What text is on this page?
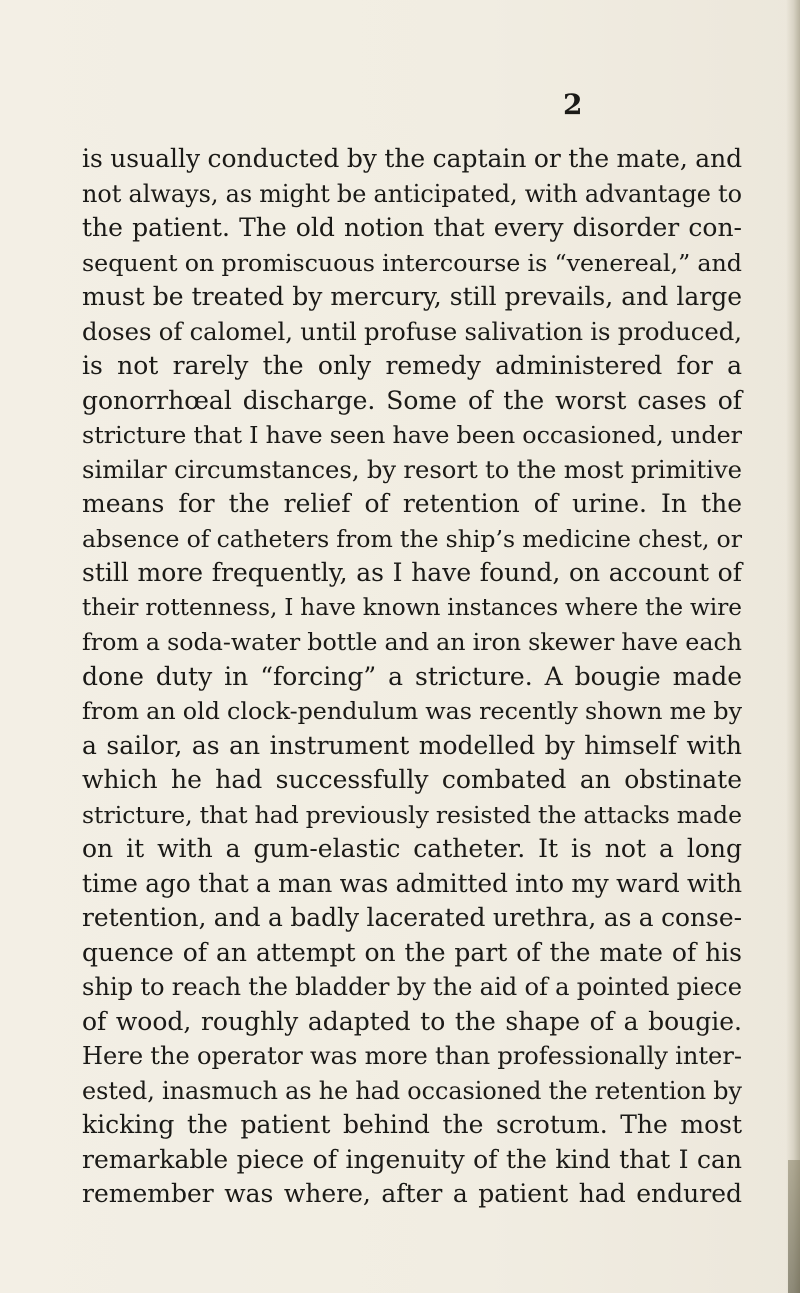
2
is usually conducted by the captain or the mate, and
not always, as might be anticipated, with advantage to
the patient. The old notion that every disorder con-
sequent on promiscuous intercourse is “venereal,” and
must be treated by mercury, still prevails, and large
doses of calomel, until profuse salivation is produced,
is not rarely the only remedy administered for a
gonorrhœal discharge. Some of the worst cases of
stricture that I have seen have been occasioned, under
similar circumstances, by resort to the most primitive
means for the relief of retention of urine. In the
absence of catheters from the ship’s medicine chest, or
still more frequently, as I have found, on account of
their rottenness, I have known instances where the wire
from a soda-water bottle and an iron skewer have each
done duty in “forcing” a stricture. A bougie made
from an old clock-pendulum was recently shown me by
a sailor, as an instrument modelled by himself with
which he had successfully combated an obstinate
stricture, that had previously resisted the attacks made
on it with a gum-elastic catheter. It is not a long
time ago that a man was admitted into my ward with
retention, and a badly lacerated urethra, as a conse-
quence of an attempt on the part of the mate of his
ship to reach the bladder by the aid of a pointed piece
of wood, roughly adapted to the shape of a bougie.
Here the operator was more than professionally inter-
ested, inasmuch as he had occasioned the retention by
kicking the patient behind the scrotum. The most
remarkable piece of ingenuity of the kind that I can
remember was where, after a patient had endured
